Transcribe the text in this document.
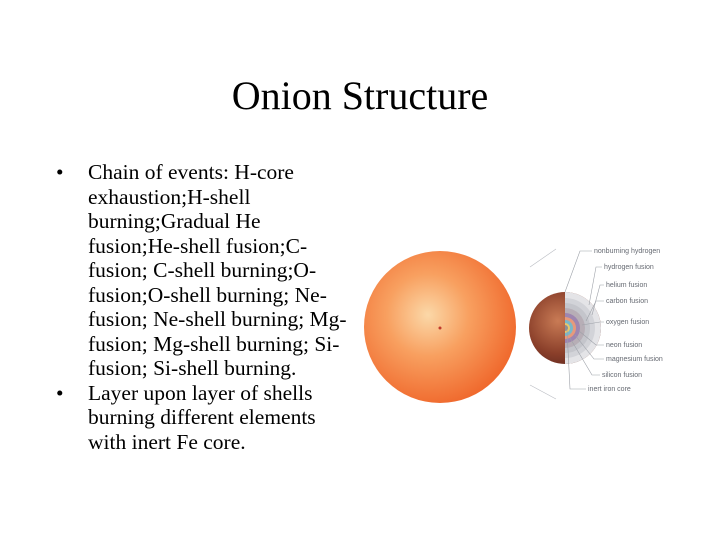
Onion Structure
•	Chain of events: H-core exhaustion;H-shell burning;Gradual He fusion;He-shell fusion;C-fusion; C-shell burning;O-fusion;O-shell burning; Ne-fusion; Ne-shell burning; Mg-fusion; Mg-shell burning; Si-fusion; Si-shell burning.
•	Layer upon layer of shells burning different elements with inert Fe core.
nonburning hydrogen
hydrogen fusion
helium fusion
carbon fusion
oxygen fusion
neon fusion
magnesium fusion
silicon fusion
inert iron core
